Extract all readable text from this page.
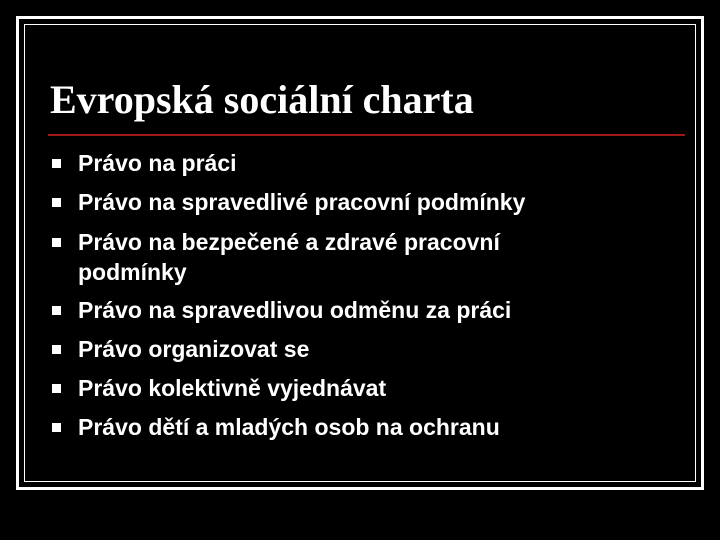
Evropská sociální charta
Právo na práci
Právo na spravedlivé pracovní podmínky
Právo na bezpečené a zdravé pracovní podmínky
Právo na spravedlivou odměnu za práci
Právo organizovat se
Právo kolektivně vyjednávat
Právo dětí a mladých osob na ochranu
